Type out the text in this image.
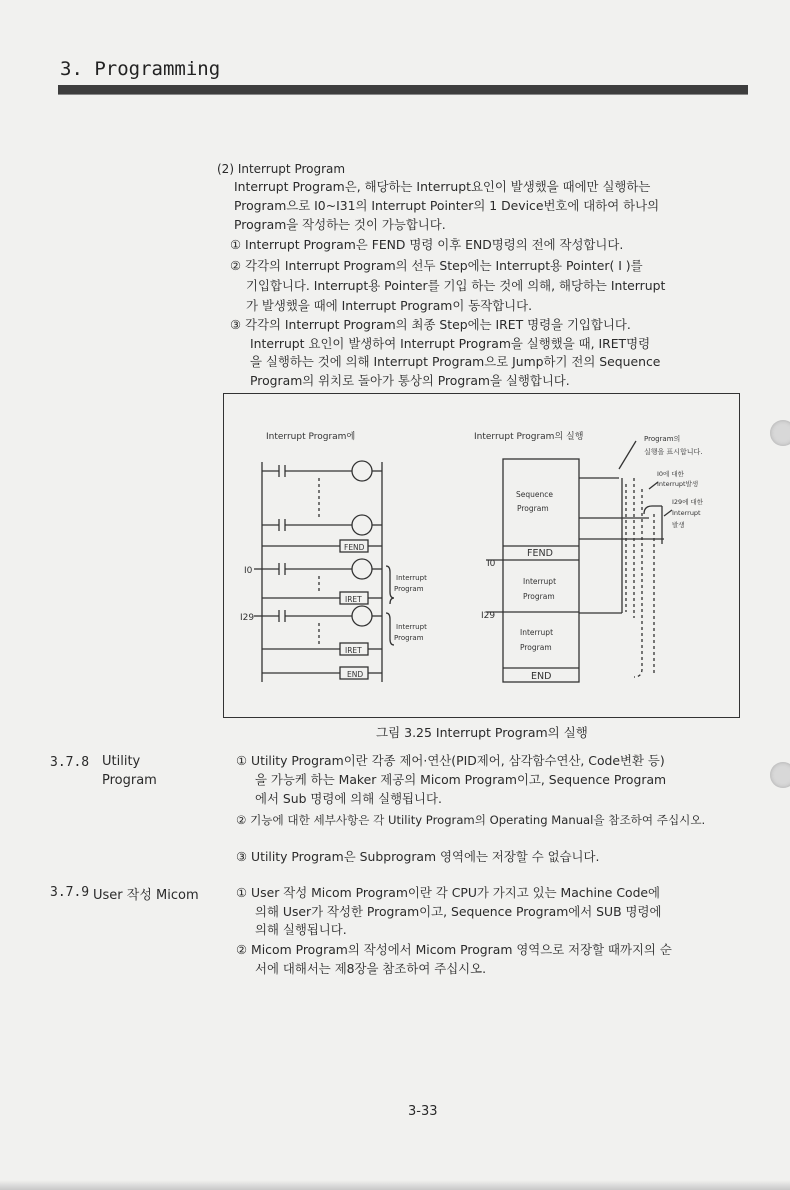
3. Programming
(2) Interrupt Program
Interrupt Program은, 해당하는 Interrupt요인이 발생했을 때에만 실행하는
Program으로 I0~I31의 Interrupt Pointer의 1 Device번호에 대하여 하나의
Program을 작성하는 것이 가능합니다.
① Interrupt Program은 FEND 명령 이후 END명령의 전에 작성합니다.
② 각각의 Interrupt Program의 선두 Step에는 Interrupt용 Pointer( I )를
기입합니다. Interrupt용 Pointer를 기입 하는 것에 의해, 해당하는 Interrupt
가 발생했을 때에 Interrupt Program이 동작합니다.
③ 각각의 Interrupt Program의 최종 Step에는 IRET 명령을 기입합니다.
Interrupt 요인이 발생하여 Interrupt Program을 실행했을 때, IRET명령
을 실행하는 것에 의해 Interrupt Program으로 Jump하기 전의 Sequence
Program의 위치로 돌아가 통상의 Program을 실행합니다.
Interrupt Program에	Interrupt Program의 실행
FEND
IRET
IRET
END
I0
I29
Interrupt
Program
Interrupt
Program
Sequence
Program
FEND
I0
Interrupt
Program
I29
Interrupt
Program
END
Program의
실행을 표시합니다.
I0에 대한
Interrupt발생
I29에 대한
Interrupt
발생
그림 3.25 Interrupt Program의 실행
3.7.8 Utility
Program
① Utility Program이란 각종 제어·연산(PID제어, 삼각함수연산, Code변환 등)
을 가능케 하는 Maker 제공의 Micom Program이고, Sequence Program
에서 Sub 명령에 의해 실행됩니다.
② 기능에 대한 세부사항은 각 Utility Program의 Operating Manual을 참조하여 주십시오.
③ Utility Program은 Subprogram 영역에는 저장할 수 없습니다.
3.7.9 User 작성 Micom	① User 작성 Micom Program이란 각 CPU가 가지고 있는 Machine Code에
의해 User가 작성한 Program이고, Sequence Program에서 SUB 명령에
의해 실행됩니다.
② Micom Program의 작성에서 Micom Program 영역으로 저장할 때까지의 순
서에 대해서는 제8장을 참조하여 주십시오.
3-33
